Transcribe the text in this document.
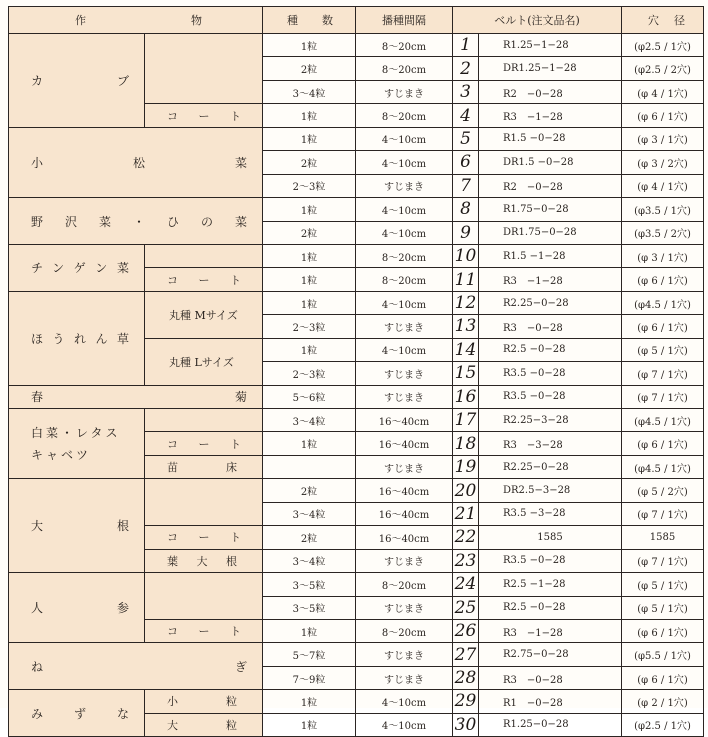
作　　　物		種　数	播種間隔	ベルト(注文品名)		穴　径
カ　　　ブ		1粒	8～20cm	1	R1.25−1−28	(φ2.5 / 1穴)
		2粒	8～20cm	2	DR1.25−1−28	(φ2.5 / 2穴)
		3～4粒	すじまき	3	R2　−0−28	(φ 4 / 1穴)
	コート	1粒	8～20cm	4	R3　−1−28	(φ 6 / 1穴)
小　　松　　菜		1粒	4～10cm	5	R1.5 −0−28	(φ 3 / 1穴)
		2粒	4～10cm	6	DR1.5 −0−28	(φ 3 / 2穴)
		2～3粒	すじまき	7	R2　−0−28	(φ 4 / 1穴)
野 沢 菜 ・ ひ の 菜		1粒	4～10cm	8	R1.75−0−28	(φ3.5 / 1穴)
		2粒	4～10cm	9	DR1.75−0−28	(φ3.5 / 2穴)
チンゲン菜		1粒	8～20cm	10	R1.5 −1−28	(φ 3 / 1穴)
	コート	1粒	8～20cm	11	R3　−1−28	(φ 6 / 1穴)
ほうれん草	丸種 Mサイズ	1粒	4～10cm	12	R2.25−0−28	(φ4.5 / 1穴)
		2～3粒	すじまき	13	R3　−0−28	(φ 6 / 1穴)
	丸種 Lサイズ	1粒	4～10cm	14	R2.5 −0−28	(φ 5 / 1穴)
		2～3粒	すじまき	15	R3.5 −0−28	(φ 7 / 1穴)
春　　　　　　　　菊		5～6粒	すじまき	16	R3.5 −0−28	(φ 7 / 1穴)
白菜・レタス
キャベツ		3～4粒	16～40cm	17	R2.25−3−28	(φ4.5 / 1穴)
	コート	1粒	16～40cm	18	R3　−3−28	(φ 6 / 1穴)
	苗　床		すじまき	19	R2.25−0−28	(φ4.5 / 1穴)
大　　　　根		2粒	16～40cm	20	DR2.5−3−28	(φ 5 / 2穴)
		3～4粒	16～40cm	21	R3.5 −3−28	(φ 7 / 1穴)
	コート	2粒	16～40cm	22	1585	1585
	葉大根	3～4粒	すじまき	23	R3.5 −0−28	(φ 7 / 1穴)
人　　　　参		3～5粒	8～20cm	24	R2.5 −1−28	(φ 5 / 1穴)
		3～5粒	すじまき	25	R2.5 −0−28	(φ 5 / 1穴)
	コート	1粒	8～20cm	26	R3　−1−28	(φ 6 / 1穴)
ね　　　　ぎ		5～7粒	すじまき	27	R2.75−0−28	(φ5.5 / 1穴)
		7～9粒	すじまき	28	R3　−0−28	(φ 6 / 1穴)
み　ず　な	小　粒	1粒	4～10cm	29	R1　−0−28	(φ 2 / 1穴)
	大　粒	1粒	4～10cm	30	R1.25−0−28	(φ2.5 / 1穴)
